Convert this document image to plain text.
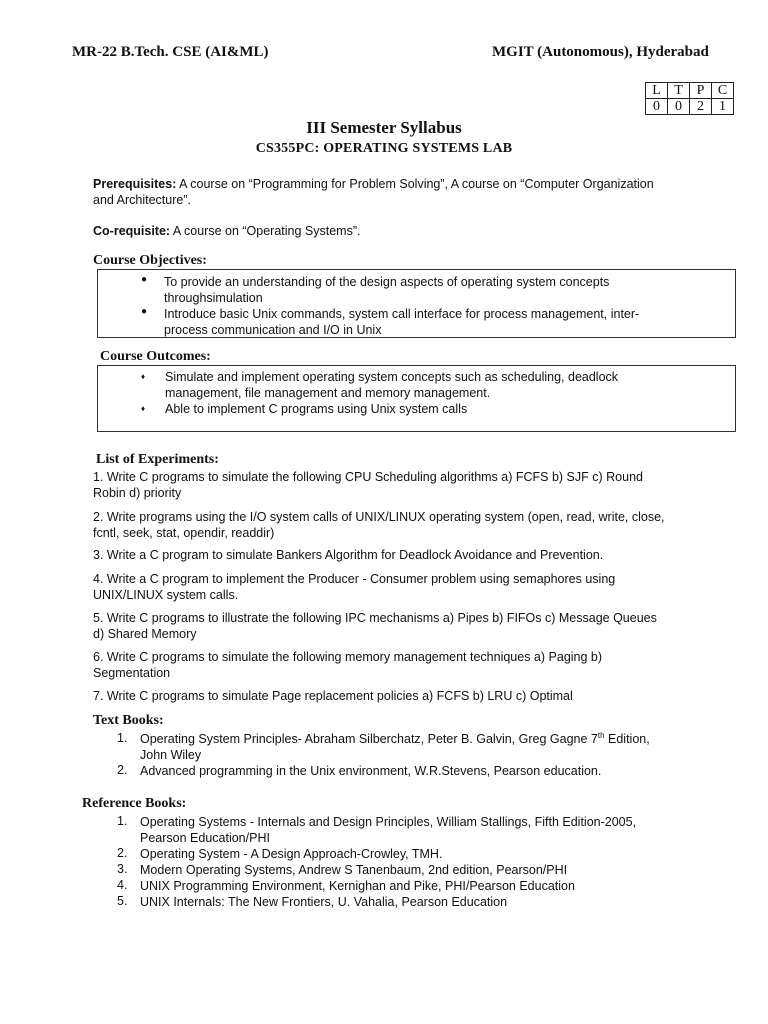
MR-22 B.Tech. CSE (AI&ML)	MGIT (Autonomous), Hyderabad
L	T	P	C
0	0	2	1
III Semester Syllabus
CS355PC: OPERATING SYSTEMS LAB
Prerequisites: A course on “Programming for Problem Solving”, A course on “Computer Organization
and Architecture”.
Co-requisite: A course on “Operating Systems”.
Course Objectives:
● To provide an understanding of the design aspects of operating system concepts
throughsimulation
● Introduce basic Unix commands, system call interface for process management, inter-
process communication and I/O in Unix
Course Outcomes:
♦ Simulate and implement operating system concepts such as scheduling, deadlock
management, file management and memory management.
♦ Able to implement C programs using Unix system calls
List of Experiments:
1. Write C programs to simulate the following CPU Scheduling algorithms a) FCFS b) SJF c) Round
Robin d) priority
2. Write programs using the I/O system calls of UNIX/LINUX operating system (open, read, write, close,
fcntl, seek, stat, opendir, readdir)
3. Write a C program to simulate Bankers Algorithm for Deadlock Avoidance and Prevention.
4. Write a C program to implement the Producer - Consumer problem using semaphores using
UNIX/LINUX system calls.
5. Write C programs to illustrate the following IPC mechanisms a) Pipes b) FIFOs c) Message Queues
d) Shared Memory
6. Write C programs to simulate the following memory management techniques a) Paging b)
Segmentation
7. Write C programs to simulate Page replacement policies a) FCFS b) LRU c) Optimal
Text Books:
1. Operating System Principles- Abraham Silberchatz, Peter B. Galvin, Greg Gagne 7th Edition,
John Wiley
2. Advanced programming in the Unix environment, W.R.Stevens, Pearson education.
Reference Books:
1. Operating Systems - Internals and Design Principles, William Stallings, Fifth Edition-2005,
Pearson Education/PHI
2. Operating System - A Design Approach-Crowley, TMH.
3. Modern Operating Systems, Andrew S Tanenbaum, 2nd edition, Pearson/PHI
4. UNIX Programming Environment, Kernighan and Pike, PHI/Pearson Education
5. UNIX Internals: The New Frontiers, U. Vahalia, Pearson Education
